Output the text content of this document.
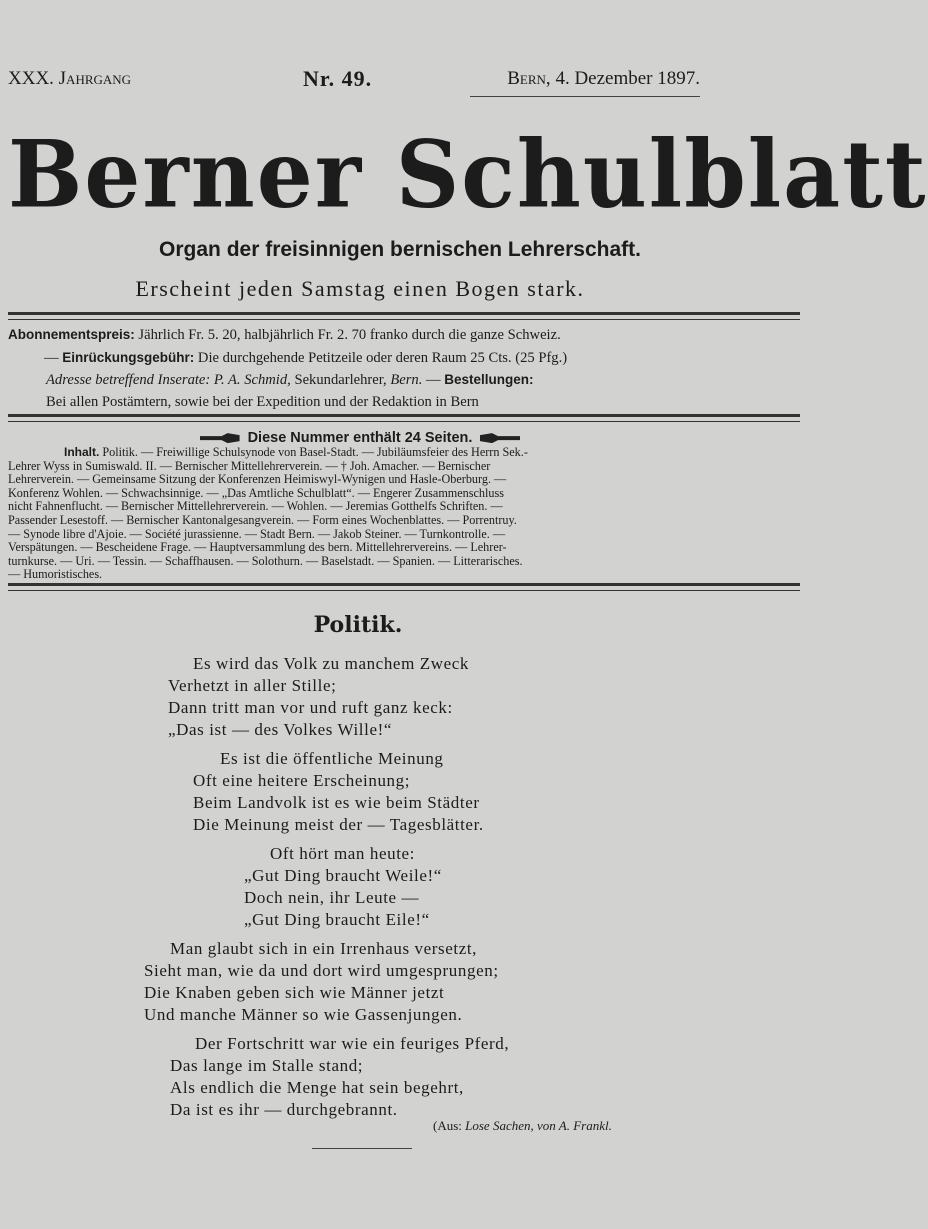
XXX. Jahrgang	Nr. 49.	Bern, 4. Dezember 1897.
Berner Schulblatt
Organ der freisinnigen bernischen Lehrerschaft.
Erscheint jeden Samstag einen Bogen stark.

Abonnementspreis: Jährlich Fr. 5. 20, halbjährlich Fr. 2. 70 franko durch die ganze Schweiz.

— Einrückungsgebühr: Die durchgehende Petitzeile oder deren Raum 25 Cts. (25 Pfg.)

Adresse betreffend Inserate: P. A. Schmid, Sekundarlehrer, Bern. — Bestellungen:

Bei allen Postämtern, sowie bei der Expedition und der Redaktion in Bern

Diese Nummer enthält 24 Seiten.

Inhalt. Politik. — Freiwillige Schulsynode von Basel-Stadt. — Jubiläumsfeier des Herrn Sek.-

Lehrer Wyss in Sumiswald. II. — Bernischer Mittellehrerverein. — † Joh. Amacher. — Bernischer

Lehrerverein. — Gemeinsame Sitzung der Konferenzen Heimiswyl-Wynigen und Hasle-Oberburg. —

Konferenz Wohlen. — Schwachsinnige. — „Das Amtliche Schulblatt“. — Engerer Zusammenschluss

nicht Fahnenflucht. — Bernischer Mittellehrerverein. — Wohlen. — Jeremias Gotthelfs Schriften. —

Passender Lesestoff. — Bernischer Kantonalgesangverein. — Form eines Wochenblattes. — Porrentruy.

— Synode libre d'Ajoie. — Société jurassienne. — Stadt Bern. — Jakob Steiner. — Turnkontrolle. —

Verspätungen. — Bescheidene Frage. — Hauptversammlung des bern. Mittellehrervereins. — Lehrer-

turnkurse. — Uri. — Tessin. — Schaffhausen. — Solothurn. — Baselstadt. — Spanien. — Litterarisches.

— Humoristisches.

Politik.
Es wird das Volk zu manchem Zweck
Verhetzt in aller Stille;
Dann tritt man vor und ruft ganz keck:
„Das ist — des Volkes Wille!“
Es ist die öffentliche Meinung
Oft eine heitere Erscheinung;
Beim Landvolk ist es wie beim Städter
Die Meinung meist der — Tagesblätter.
Oft hört man heute:
„Gut Ding braucht Weile!“
Doch nein, ihr Leute —
„Gut Ding braucht Eile!“
Man glaubt sich in ein Irrenhaus versetzt,
Sieht man, wie da und dort wird umgesprungen;
Die Knaben geben sich wie Männer jetzt
Und manche Männer so wie Gassenjungen.
Der Fortschritt war wie ein feuriges Pferd,
Das lange im Stalle stand;
Als endlich die Menge hat sein begehrt,
Da ist es ihr — durchgebrannt.
(Aus: Lose Sachen, von A. Frankl.
